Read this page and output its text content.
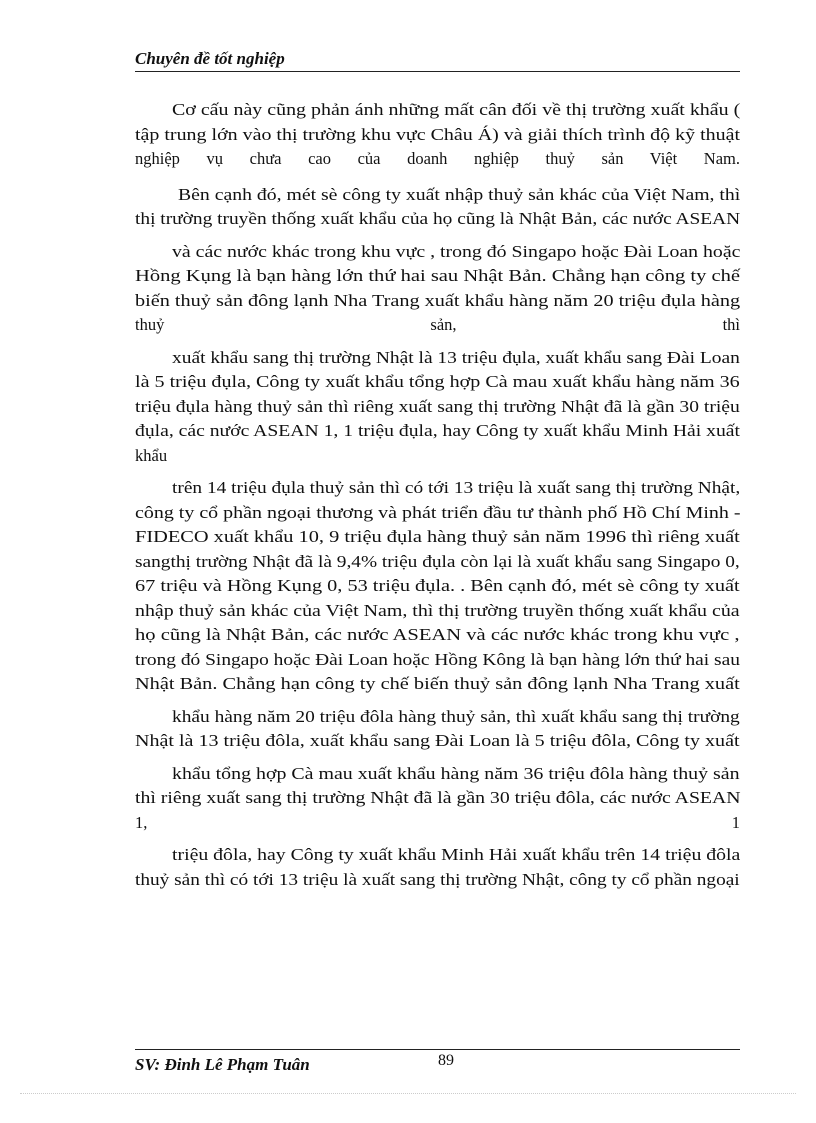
Chuyên đề tốt nghiệp
Cơ cấu này cũng phản ánh những mất cân đối về thị trường xuất khẩu (
tập trung lớn vào thị trường khu vực Châu Á) và giải thích trình độ kỹ thuật
nghiệp vụ chưa cao của doanh nghiệp thuỷ sản Việt Nam.
Bên cạnh đó, mét sè công ty xuất nhập thuỷ sản khác của Việt Nam, thì
thị trường truyền thống xuất khẩu của họ cũng là Nhật Bản, các nước ASEAN
và các nước khác trong khu vực , trong đó Singapo hoặc Đài Loan hoặc
Hồng Kụng là bạn hàng lớn thứ hai sau Nhật Bản. Chẳng hạn công ty chế
biến thuỷ sản đông lạnh Nha Trang xuất khẩu hàng năm 20 triệu đụla hàng
thuỷ sản, thì
xuất khẩu sang thị trường Nhật là 13 triệu đụla, xuất khẩu sang Đài Loan
là 5 triệu đụla, Công ty xuất khẩu tổng hợp Cà mau xuất khẩu hàng năm 36
triệu đụla hàng thuỷ sản thì riêng xuất sang thị trường Nhật đã là gần 30 triệu
đụla, các nước ASEAN 1, 1 triệu đụla, hay Công ty xuất khẩu Minh Hải xuất
khẩu
trên 14 triệu đụla thuỷ sản thì có tới 13 triệu là xuất sang thị trường Nhật,
công ty cổ phần ngoại thương và phát triển đầu tư thành phố Hồ Chí Minh -
FIDECO xuất khẩu 10, 9 triệu đụla hàng thuỷ sản năm 1996 thì riêng xuất
sangthị trường Nhật đã là 9,4% triệu đụla còn lại là xuất khẩu sang Singapo 0,
67 triệu và Hồng Kụng 0, 53 triệu đụla. . Bên cạnh đó, mét sè công ty xuất
nhập thuỷ sản khác của Việt Nam, thì thị trường truyền thống xuất khẩu của
họ cũng là Nhật Bản, các nước ASEAN và các nước khác trong khu vực ,
trong đó Singapo hoặc Đài Loan hoặc Hồng Kông là bạn hàng lớn thứ hai sau
Nhật Bản. Chẳng hạn công ty chế biến thuỷ sản đông lạnh Nha Trang xuất
khẩu hàng năm 20 triệu đôla hàng thuỷ sản, thì xuất khẩu sang thị trường
Nhật là 13 triệu đôla, xuất khẩu sang Đài Loan là 5 triệu đôla, Công ty xuất
khẩu tổng hợp Cà mau xuất khẩu hàng năm 36 triệu đôla hàng thuỷ sản
thì riêng xuất sang thị trường Nhật đã là gần 30 triệu đôla, các nước ASEAN
1, 1
triệu đôla, hay Công ty xuất khẩu Minh Hải xuất khẩu trên 14 triệu đôla
thuỷ sản thì có tới 13 triệu là xuất sang thị trường Nhật, công ty cổ phần ngoại
SV: Đinh Lê Phạm Tuân	89
